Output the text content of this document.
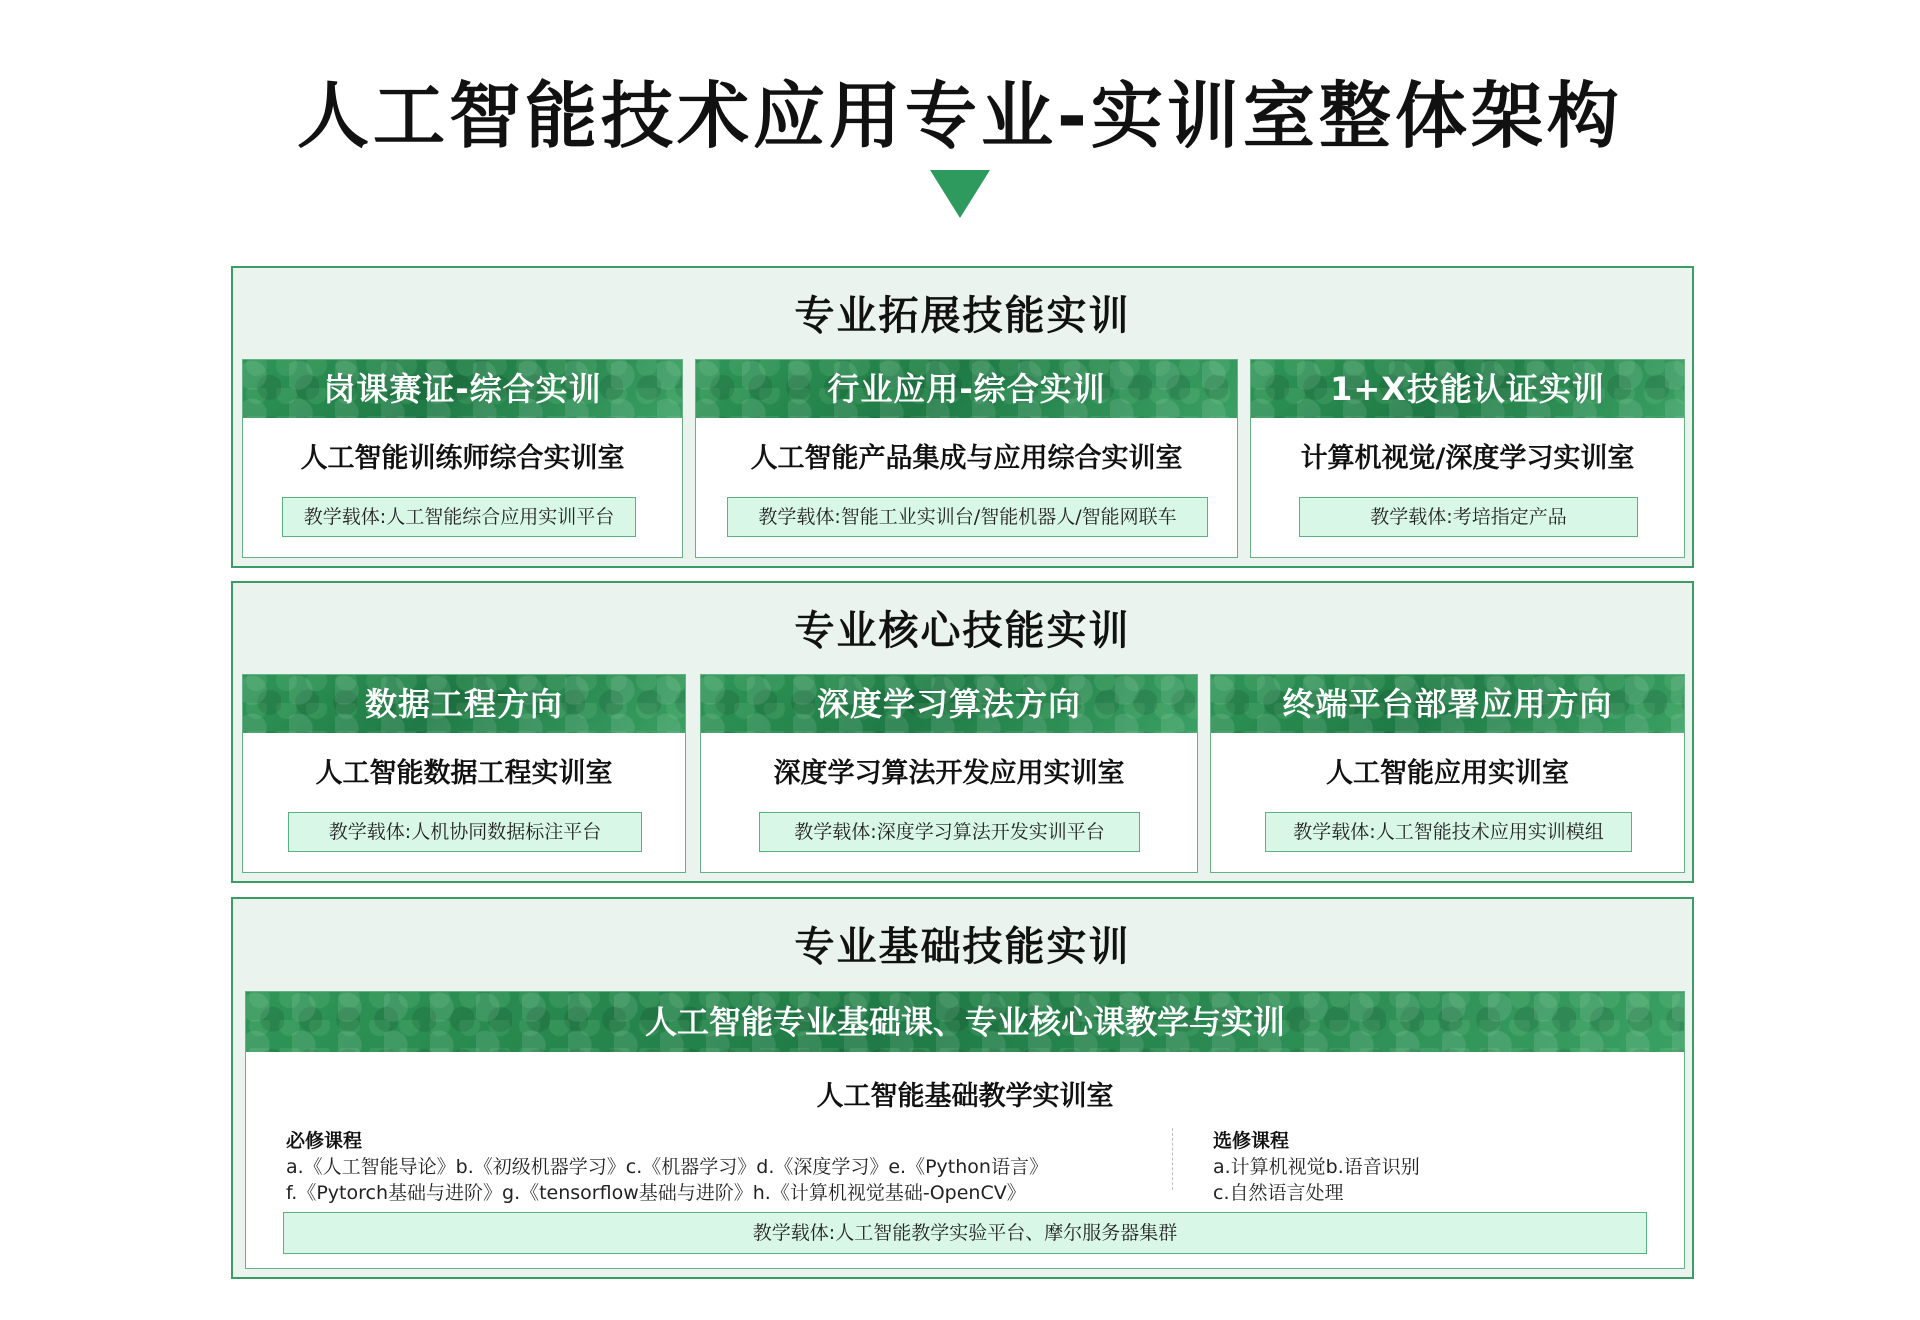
人工智能技术应用专业-实训室整体架构
专业拓展技能实训
岗课赛证-综合实训
人工智能训练师综合实训室
教学载体:人工智能综合应用实训平台
行业应用-综合实训
人工智能产品集成与应用综合实训室
教学载体:智能工业实训台/智能机器人/智能网联车
1+X技能认证实训
计算机视觉/深度学习实训室
教学载体:考培指定产品
专业核心技能实训
数据工程方向
人工智能数据工程实训室
教学载体:人机协同数据标注平台
深度学习算法方向
深度学习算法开发应用实训室
教学载体:深度学习算法开发实训平台
终端平台部署应用方向
人工智能应用实训室
教学载体:人工智能技术应用实训模组
专业基础技能实训
人工智能专业基础课、专业核心课教学与实训
人工智能基础教学实训室
必修课程
a.《人工智能导论》b.《初级机器学习》c.《机器学习》d.《深度学习》e.《Python语言》
f.《Pytorch基础与进阶》g.《tensorflow基础与进阶》h.《计算机视觉基础-OpenCV》
选修课程
a.计算机视觉b.语音识别
c.自然语言处理
教学载体:人工智能教学实验平台、摩尔服务器集群
